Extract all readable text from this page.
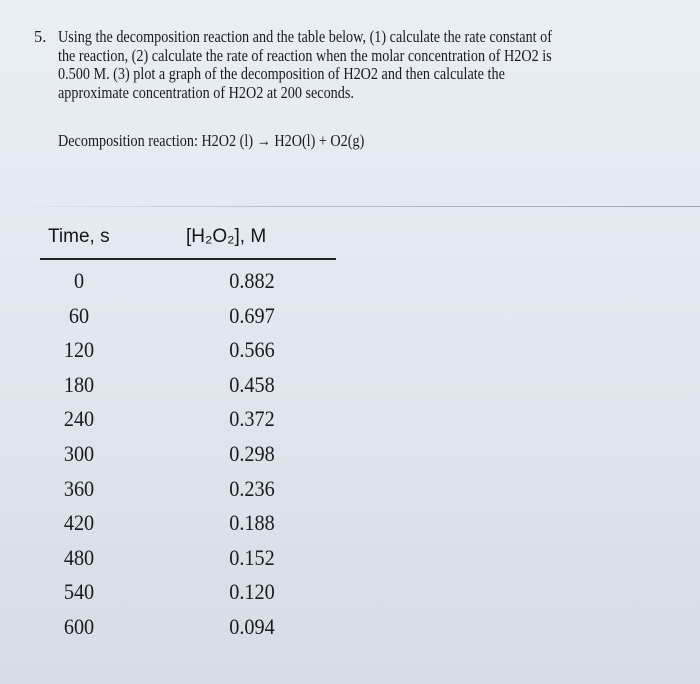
5. Using the decomposition reaction and the table below, (1) calculate the rate constant of
the reaction, (2) calculate the rate of reaction when the molar concentration of H2O2 is
0.500 M. (3) plot a graph of the decomposition of H2O2 and then calculate the
approximate concentration of H2O2 at 200 seconds.
Decomposition reaction: H2O2 (l) → H2O(l) + O2(g)
Time, s	[H₂O₂], M
0	0.882
60	0.697
120	0.566
180	0.458
240	0.372
300	0.298
360	0.236
420	0.188
480	0.152
540	0.120
600	0.094
